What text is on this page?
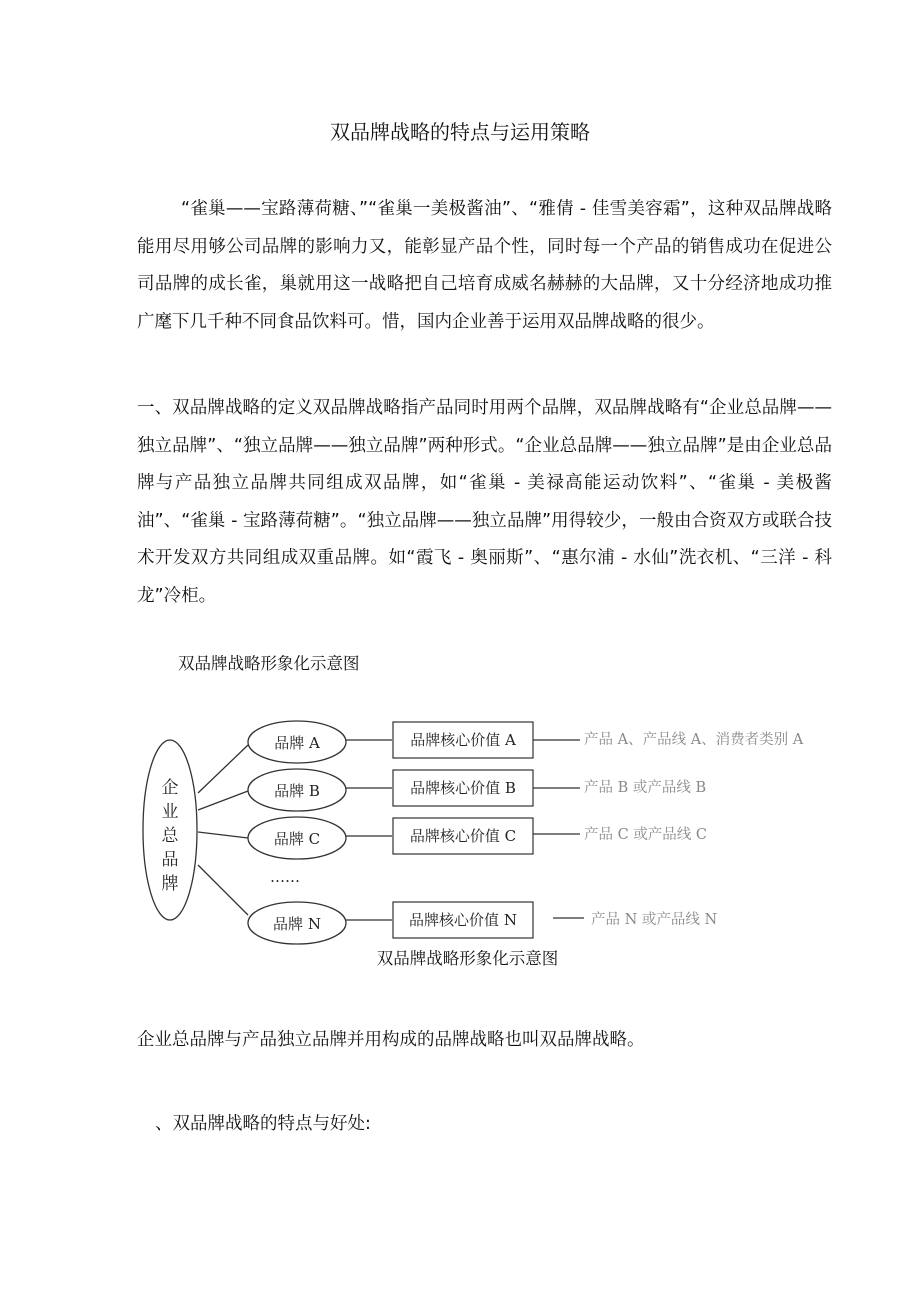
双品牌战略的特点与运用策略
“雀巢——宝路薄荷糖、”“雀巢一美极酱油”、“雅倩 - 佳雪美容霜”，这种双品牌战略能用尽用够公司品牌的影响力又，能彰显产品个性，同时每一个产品的销售成功在促进公司品牌的成长雀，巢就用这一战略把自己培育成威名赫赫的大品牌，又十分经济地成功推广麾下几千种不同食品饮料可。惜，国内企业善于运用双品牌战略的很少。
一、双品牌战略的定义双品牌战略指产品同时用两个品牌，双品牌战略有“企业总品牌——独立品牌”、“独立品牌——独立品牌”两种形式。“企业总品牌——独立品牌”是由企业总品牌与产品独立品牌共同组成双品牌，如“雀巢 - 美禄高能运动饮料”、“雀巢 - 美极酱油”、“雀巢 - 宝路薄荷糖”。“独立品牌——独立品牌”用得较少，一般由合资双方或联合技术开发双方共同组成双重品牌。如“霞飞 - 奥丽斯”、“惠尔浦 - 水仙”洗衣机、“三洋 - 科龙”冷柜。
双品牌战略形象化示意图
企
业
总
品
牌
品牌 A
品牌 B
品牌 C
……
品牌 N
品牌核心价值 A
品牌核心价值 B
品牌核心价值 C
品牌核心价值 N
产品 A、产品线 A、消费者类别 A
产品 B 或产品线 B
产品 C 或产品线 C
产品 N 或产品线 N
双品牌战略形象化示意图
企业总品牌与产品独立品牌并用构成的品牌战略也叫双品牌战略。
、双品牌战略的特点与好处:
